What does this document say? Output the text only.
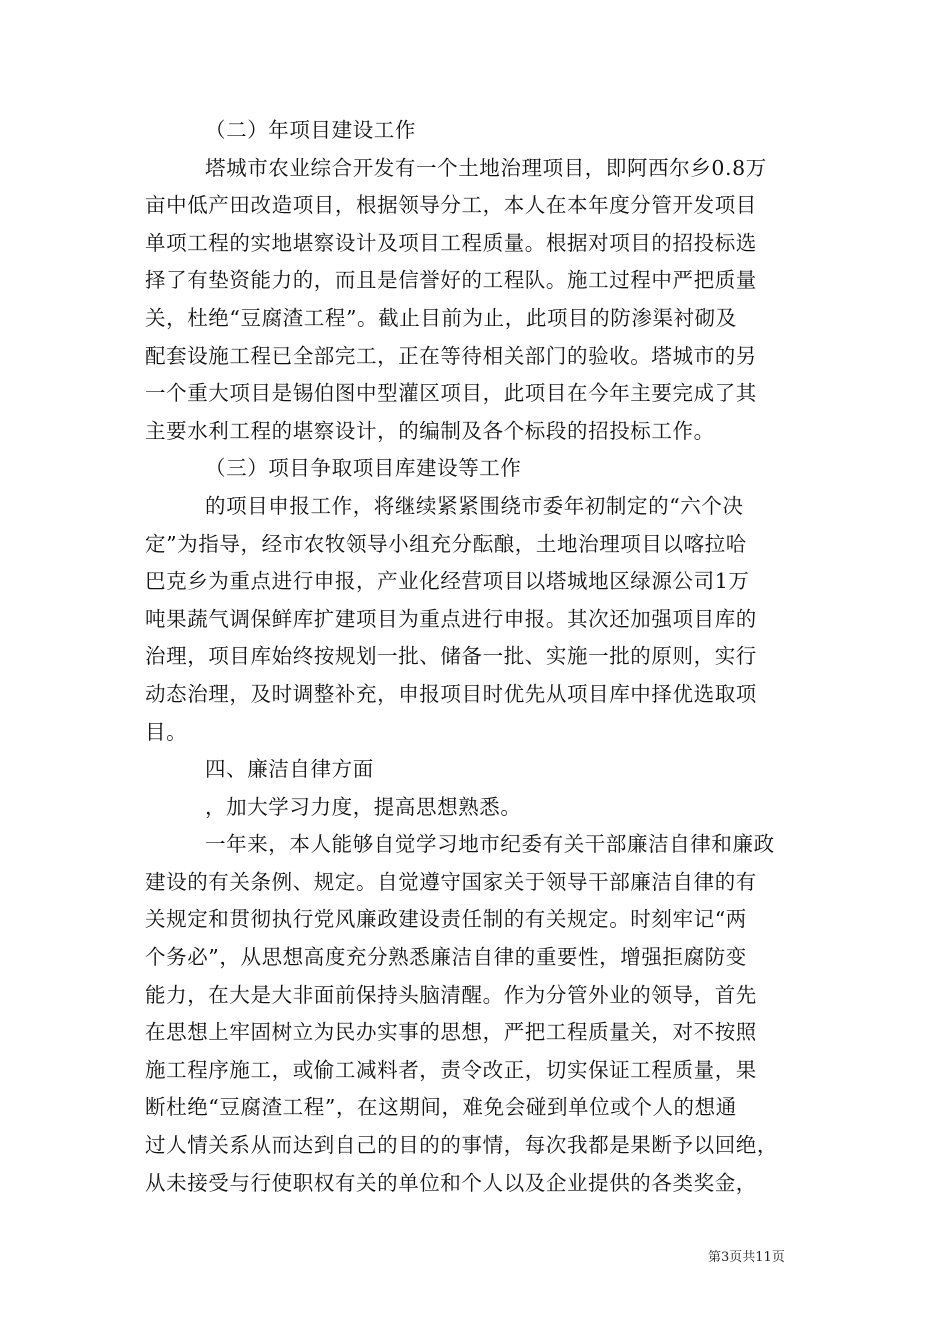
（二）年项目建设工作
塔城市农业综合开发有一个土地治理项目，即阿西尔乡0.8万
亩中低产田改造项目，根据领导分工，本人在本年度分管开发项目
单项工程的实地堪察设计及项目工程质量。根据对项目的招投标选
择了有垫资能力的，而且是信誉好的工程队。施工过程中严把质量
关，杜绝“豆腐渣工程”。截止目前为止，此项目的防渗渠衬砌及
配套设施工程已全部完工，正在等待相关部门的验收。塔城市的另
一个重大项目是锡伯图中型灌区项目，此项目在今年主要完成了其
主要水利工程的堪察设计，的编制及各个标段的招投标工作。
（三）项目争取项目库建设等工作
的项目申报工作，将继续紧紧围绕市委年初制定的“六个决
定”为指导，经市农牧领导小组充分酝酿，土地治理项目以喀拉哈
巴克乡为重点进行申报，产业化经营项目以塔城地区绿源公司1万
吨果蔬气调保鲜库扩建项目为重点进行申报。其次还加强项目库的
治理，项目库始终按规划一批、储备一批、实施一批的原则，实行
动态治理，及时调整补充，申报项目时优先从项目库中择优选取项
目。
四、廉洁自律方面
，加大学习力度，提高思想熟悉。
一年来，本人能够自觉学习地市纪委有关干部廉洁自律和廉政
建设的有关条例、规定。自觉遵守国家关于领导干部廉洁自律的有
关规定和贯彻执行党风廉政建设责任制的有关规定。时刻牢记“两
个务必”，从思想高度充分熟悉廉洁自律的重要性，增强拒腐防变
能力，在大是大非面前保持头脑清醒。作为分管外业的领导，首先
在思想上牢固树立为民办实事的思想，严把工程质量关，对不按照
施工程序施工，或偷工减料者，责令改正，切实保证工程质量，果
断杜绝“豆腐渣工程”，在这期间，难免会碰到单位或个人的想通
过人情关系从而达到自己的目的的事情，每次我都是果断予以回绝，
从未接受与行使职权有关的单位和个人以及企业提供的各类奖金，
第3页共11页
